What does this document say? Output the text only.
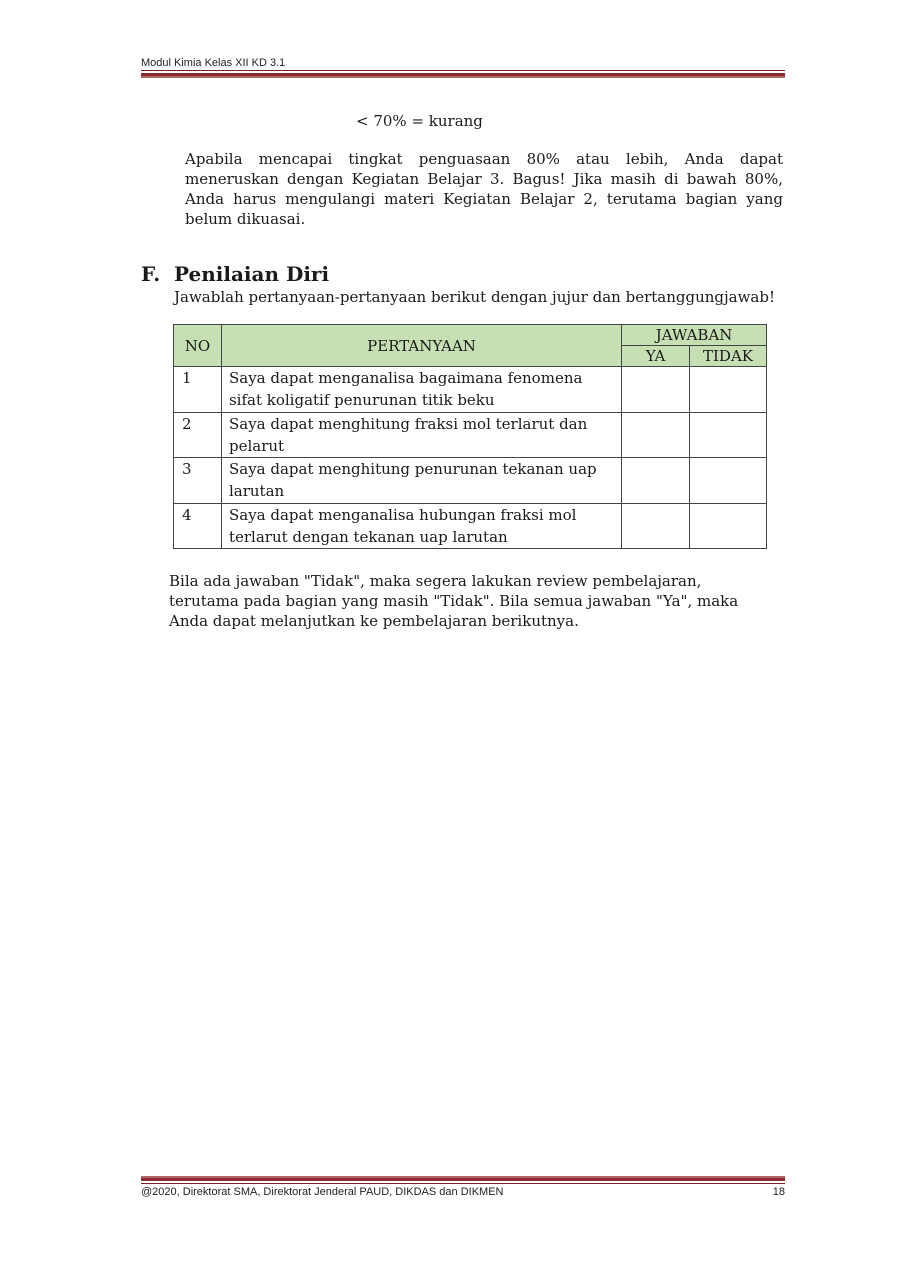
Modul Kimia Kelas XII KD 3.1
< 70% = kurang
Apabila mencapai tingkat penguasaan 80% atau lebih, Anda dapat meneruskan dengan Kegiatan Belajar 3. Bagus! Jika masih di bawah 80%, Anda harus mengulangi materi Kegiatan Belajar 2, terutama bagian yang belum dikuasai.
F. Penilaian Diri
Jawablah pertanyaan-pertanyaan berikut dengan jujur dan bertanggungjawab!
NO	PERTANYAAN	JAWABAN	
		YA	TIDAK
1	Saya dapat menganalisa bagaimana fenomena sifat koligatif penurunan titik beku		
2	Saya dapat menghitung fraksi mol terlarut dan pelarut		
3	Saya dapat menghitung penurunan tekanan uap larutan		
4	Saya dapat menganalisa hubungan fraksi mol terlarut dengan tekanan uap larutan		
Bila ada jawaban "Tidak", maka segera lakukan review pembelajaran, terutama pada bagian yang masih "Tidak". Bila semua jawaban "Ya", maka Anda dapat melanjutkan ke pembelajaran berikutnya.
@2020, Direktorat SMA, Direktorat Jenderal PAUD, DIKDAS dan DIKMEN	18
